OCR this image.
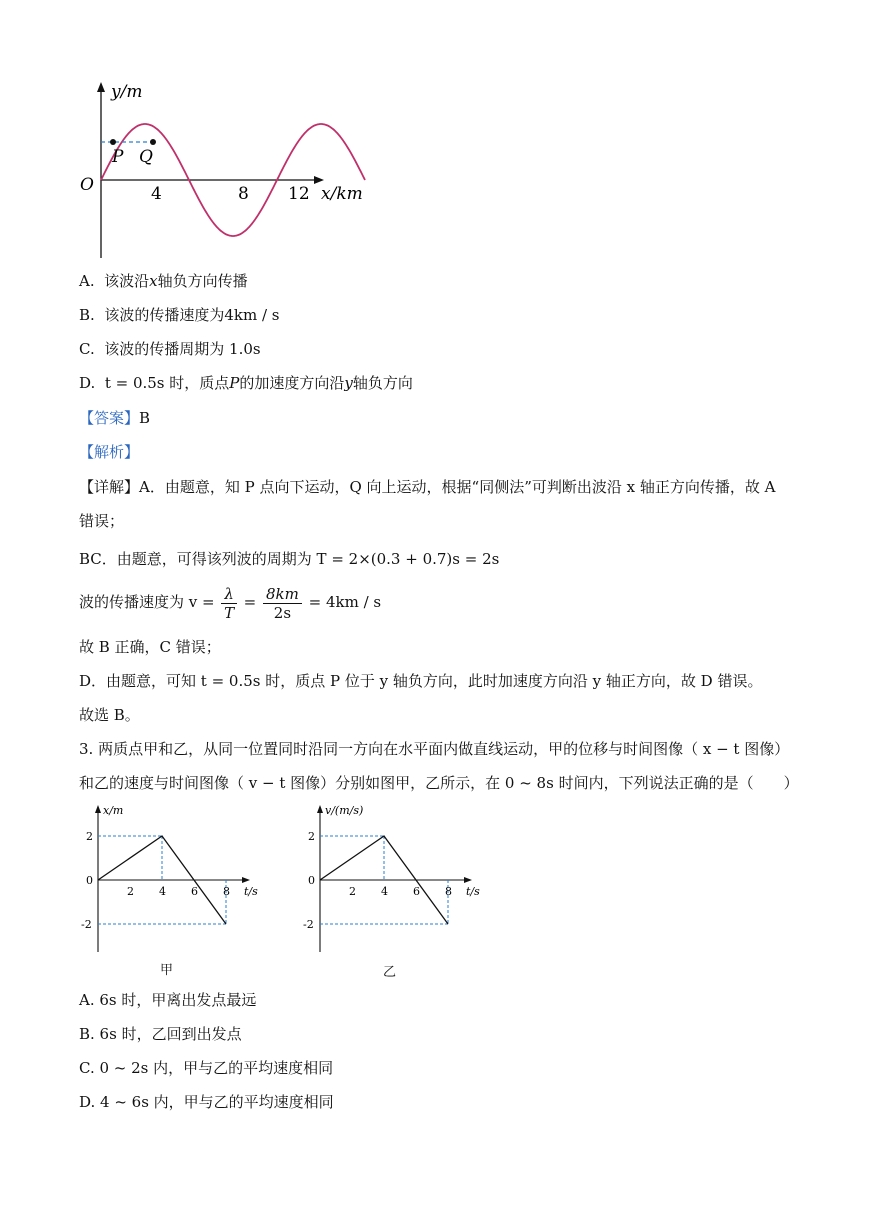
y/m
O
P Q
4	8 12 x/km
A. 该波沿x轴负方向传播
B. 该波的传播速度为4km / s
C. 该波的传播周期为 1.0s
D. t = 0.5s 时，质点P的加速度方向沿y轴负方向
【答案】B
【解析】
【详解】A．由题意，知 P 点向下运动，Q 向上运动，根据“同侧法”可判断出波沿 x 轴正方向传播，故 A
错误；
BC．由题意，可得该列波的周期为 T = 2×(0.3 + 0.7)s = 2s
波的传播速度为 $v = \frac{\lambda}{T} = \frac{8km}{2s} = 4km / s$
故 B 正确，C 错误；
D．由题意，可知 t = 0.5s 时，质点 P 位于 y 轴负方向，此时加速度方向沿 y 轴正方向，故 D 错误。
故选 B。
3. 两质点甲和乙，从同一位置同时沿同一方向在水平面内做直线运动，甲的位移与时间图像（ x − t 图像）
和乙的速度与时间图像（ v − t 图像）分别如图甲，乙所示，在 0 ~ 8s 时间内，下列说法正确的是（　　）
2 4 6 8
2
0
-2
x/m
t/s	2 4 6 8
2
0
-2
v/(m/s)
t/s
甲	乙
A. 6s 时，甲离出发点最远
B. 6s 时，乙回到出发点
C. 0 ~ 2s 内，甲与乙的平均速度相同
D. 4 ~ 6s 内，甲与乙的平均速度相同
